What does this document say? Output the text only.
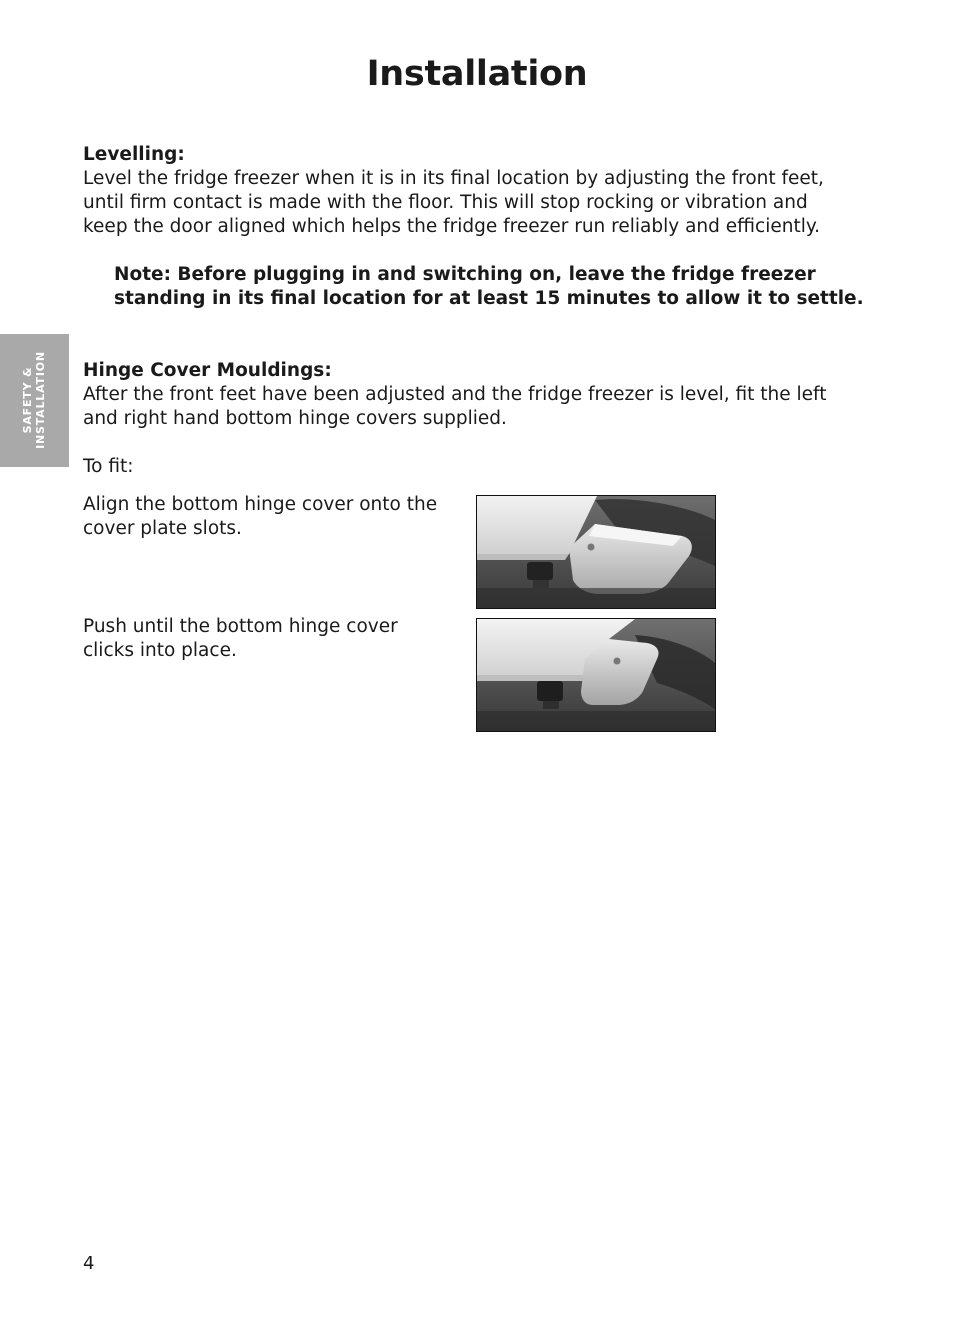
Installation
SAFETY & INSTALLATION
Levelling:
Level the fridge freezer when it is in its final location by adjusting the front feet, until firm contact is made with the floor. This will stop rocking or vibration and keep the door aligned which helps the fridge freezer run reliably and efficiently.
Note: Before plugging in and switching on, leave the fridge freezer standing in its final location for at least 15 minutes to allow it to settle.
Hinge Cover Mouldings:
After the front feet have been adjusted and the fridge freezer is level, fit the left and right hand bottom hinge covers supplied.
To fit:
Align the bottom hinge cover onto the cover plate slots.
Push until the bottom hinge cover clicks into place.
4
